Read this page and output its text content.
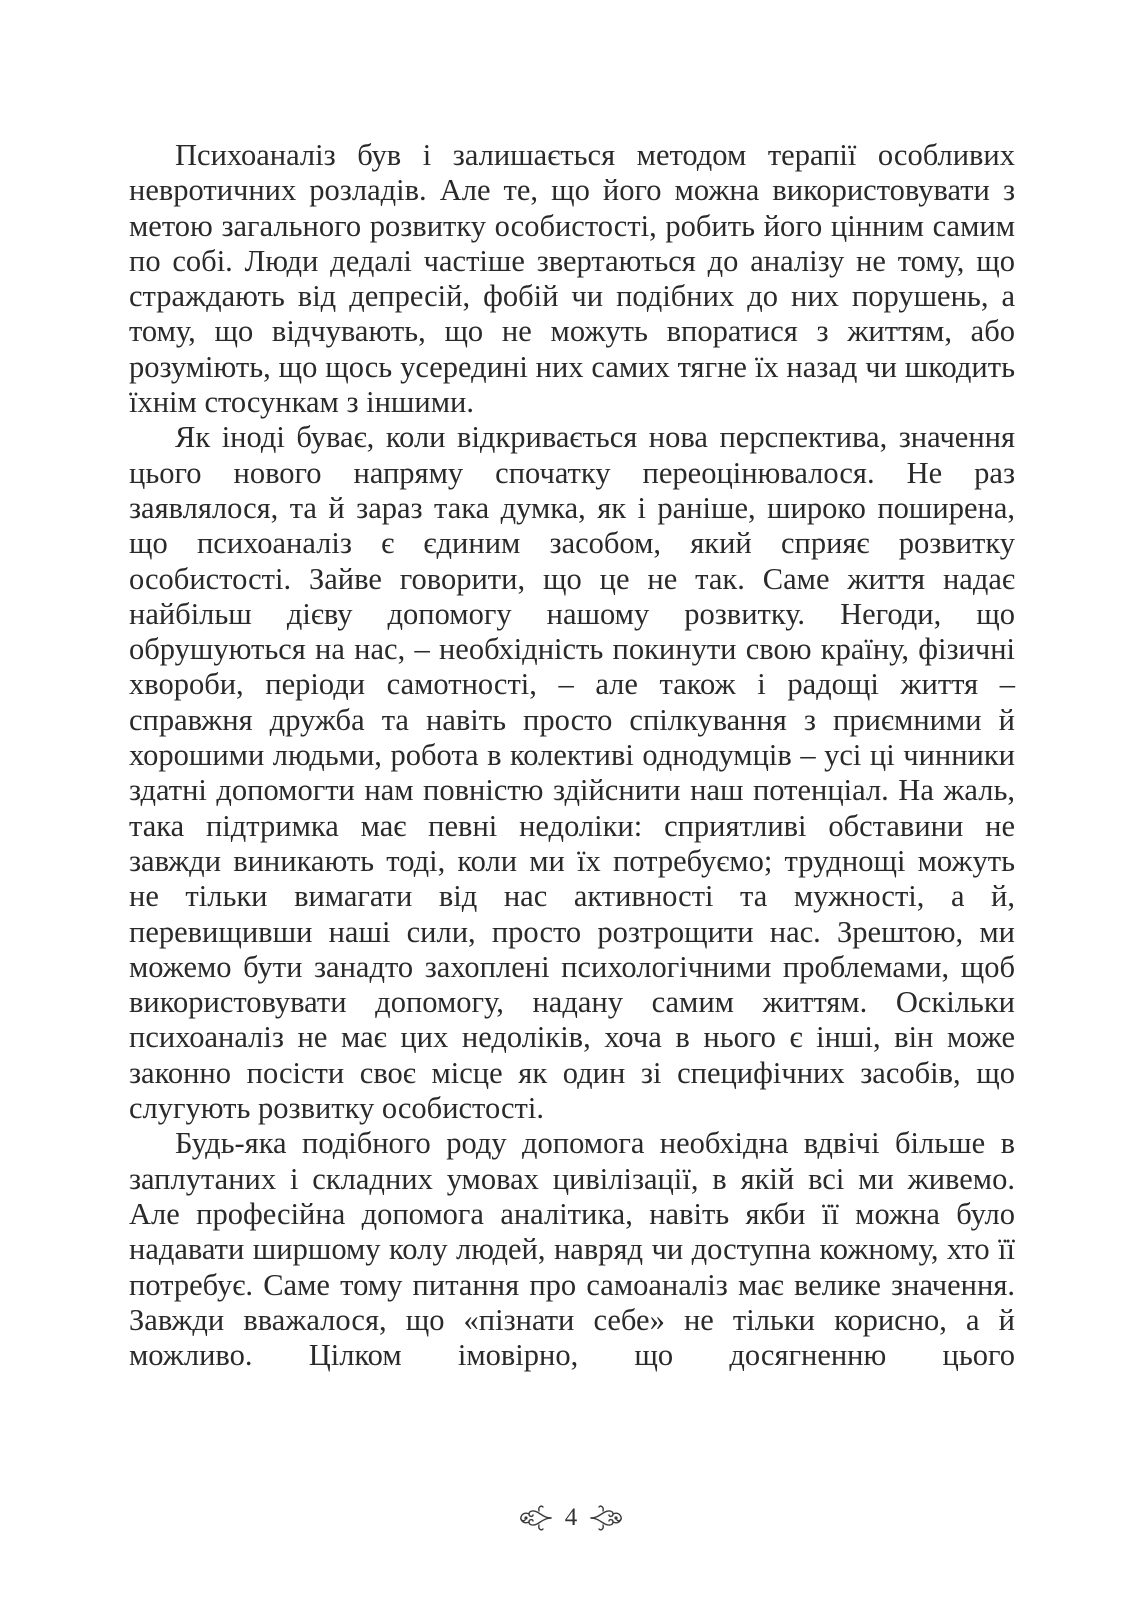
Психоаналіз був і залишається методом терапії особливих невротичних розладів. Але те, що його можна використовувати з метою загального розвитку особистості, робить його цінним самим по собі. Люди дедалі частіше звертаються до аналізу не тому, що страждають від депресій, фобій чи подібних до них порушень, а тому, що відчувають, що не можуть впоратися з життям, або розуміють, що щось усередині них самих тягне їх назад чи шкодить їхнім стосункам з іншими.

Як іноді буває, коли відкривається нова перспектива, значення цього нового напряму спочатку переоцінювалося. Не раз заявлялося, та й зараз така думка, як і раніше, широко поширена, що психоаналіз є єдиним засобом, який сприяє розвитку особистості. Зайве говорити, що це не так. Саме життя надає найбільш дієву допомогу нашому розвитку. Негоди, що обрушуються на нас, – необхідність покинути свою країну, фізичні хвороби, періоди самотності, – але також і радощі життя – справжня дружба та навіть просто спілкування з приємними й хорошими людьми, робота в колективі однодумців – усі ці чинники здатні допомогти нам повністю здійснити наш потенціал. На жаль, така підтримка має певні недоліки: сприятливі обставини не завжди виникають тоді, коли ми їх потребуємо; труднощі можуть не тільки вимагати від нас активності та мужності, а й, перевищивши наші сили, просто розтрощити нас. Зрештою, ми можемо бути занадто захоплені психологічними проблемами, щоб використовувати допомогу, надану самим життям. Оскільки психоаналіз не має цих недоліків, хоча в нього є інші, він може законно посісти своє місце як один зі специфічних засобів, що слугують розвитку особистості.

Будь-яка подібного роду допомога необхідна вдвічі більше в заплутаних і складних умовах цивілізації, в якій всі ми живемо. Але професійна допомога аналітика, навіть якби її можна було надавати ширшому колу людей, навряд чи доступна кожному, хто її потребує. Саме тому питання про самоаналіз має велике значення. Завжди вважалося, що «пізнати себе» не тільки корисно, а й можливо. Цілком імовірно, що досягненню цього

4
